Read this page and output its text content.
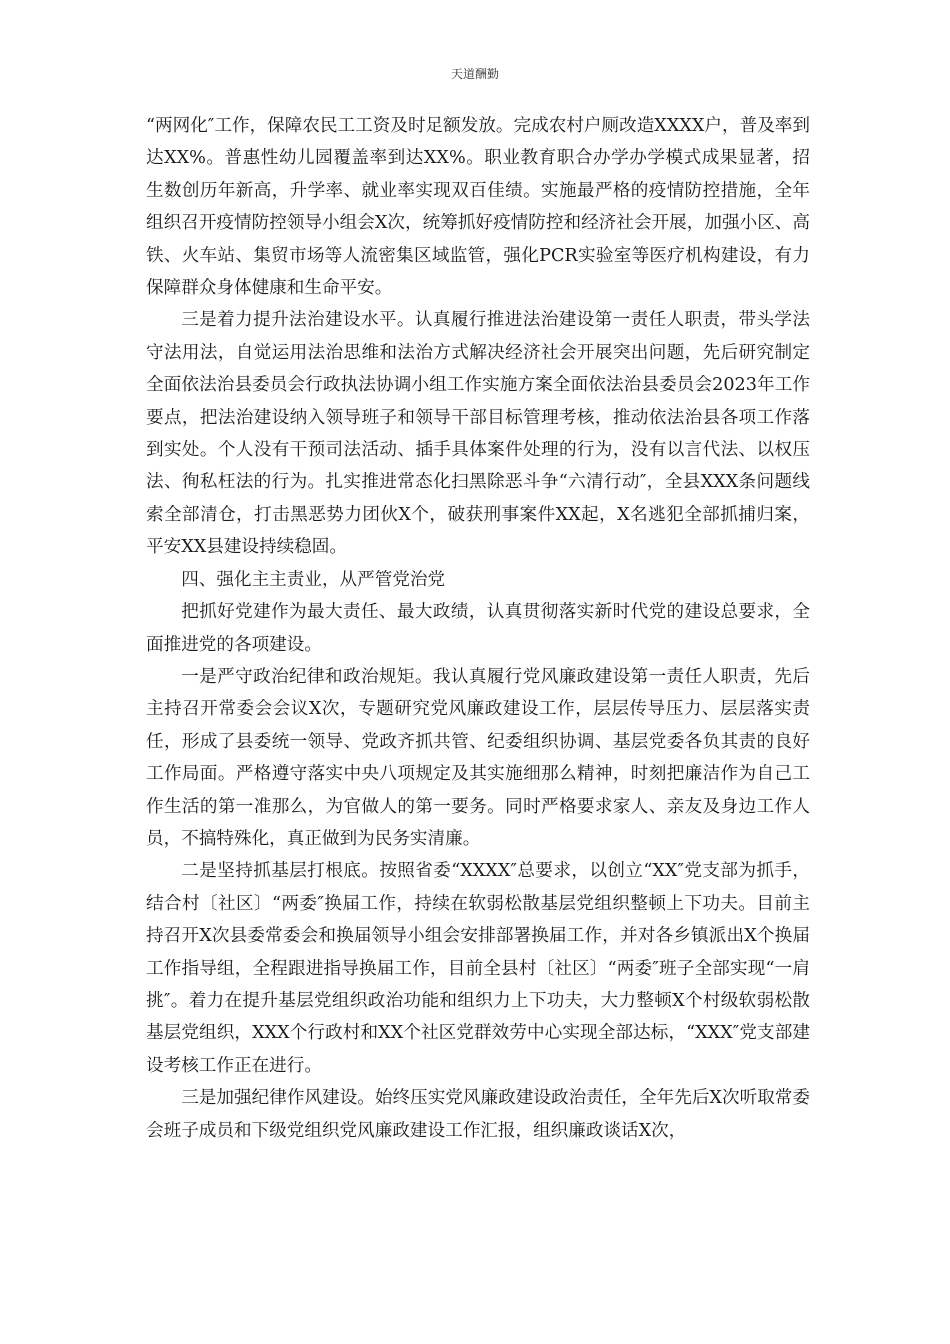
天道酬勤

“两网化″工作，保障农民工工资及时足额发放。完成农村户厕改造XXXX户，普及率到达XX%。普惠性幼儿园覆盖率到达XX%。职业教育职合办学办学模式成果显著，招生数创历年新高，升学率、就业率实现双百佳绩。实施最严格的疫情防控措施，全年组织召开疫情防控领导小组会X次，统筹抓好疫情防控和经济社会开展，加强小区、高铁、火车站、集贸市场等人流密集区域监管，强化PCR实验室等医疗机构建设，有力保障群众身体健康和生命平安。

三是着力提升法治建设水平。认真履行推进法治建设第一责任人职责，带头学法守法用法，自觉运用法治思维和法治方式解决经济社会开展突出问题，先后研究制定全面依法治县委员会行政执法协调小组工作实施方案全面依法治县委员会2023年工作要点，把法治建设纳入领导班子和领导干部目标管理考核，推动依法治县各项工作落到实处。个人没有干预司法活动、插手具体案件处理的行为，没有以言代法、以权压法、徇私枉法的行为。扎实推进常态化扫黑除恶斗争“六清行动″，全县XXX条问题线索全部清仓，打击黑恶势力团伙X个，破获刑事案件XX起，X名逃犯全部抓捕归案，平安XX县建设持续稳固。

四、强化主主责业，从严管党治党

把抓好党建作为最大责任、最大政绩，认真贯彻落实新时代党的建设总要求，全面推进党的各项建设。

一是严守政治纪律和政治规矩。我认真履行党风廉政建设第一责任人职责，先后主持召开常委会会议X次，专题研究党风廉政建设工作，层层传导压力、层层落实责任，形成了县委统一领导、党政齐抓共管、纪委组织协调、基层党委各负其责的良好工作局面。严格遵守落实中央八项规定及其实施细那么精神，时刻把廉洁作为自己工作生活的第一准那么，为官做人的第一要务。同时严格要求家人、亲友及身边工作人员，不搞特殊化，真正做到为民务实清廉。

二是坚持抓基层打根底。按照省委“XXXX″总要求，以创立“XX″党支部为抓手，结合村〔社区〕“两委″换届工作，持续在软弱松散基层党组织整顿上下功夫。目前主持召开X次县委常委会和换届领导小组会安排部署换届工作，并对各乡镇派出X个换届工作指导组，全程跟进指导换届工作，目前全县村〔社区〕“两委″班子全部实现“一肩挑″。着力在提升基层党组织政治功能和组织力上下功夫，大力整顿X个村级软弱松散基层党组织，XXX个行政村和XX个社区党群效劳中心实现全部达标，“XXX″党支部建设考核工作正在进行。

三是加强纪律作风建设。始终压实党风廉政建设政治责任，全年先后X次听取常委会班子成员和下级党组织党风廉政建设工作汇报，组织廉政谈话X次，
